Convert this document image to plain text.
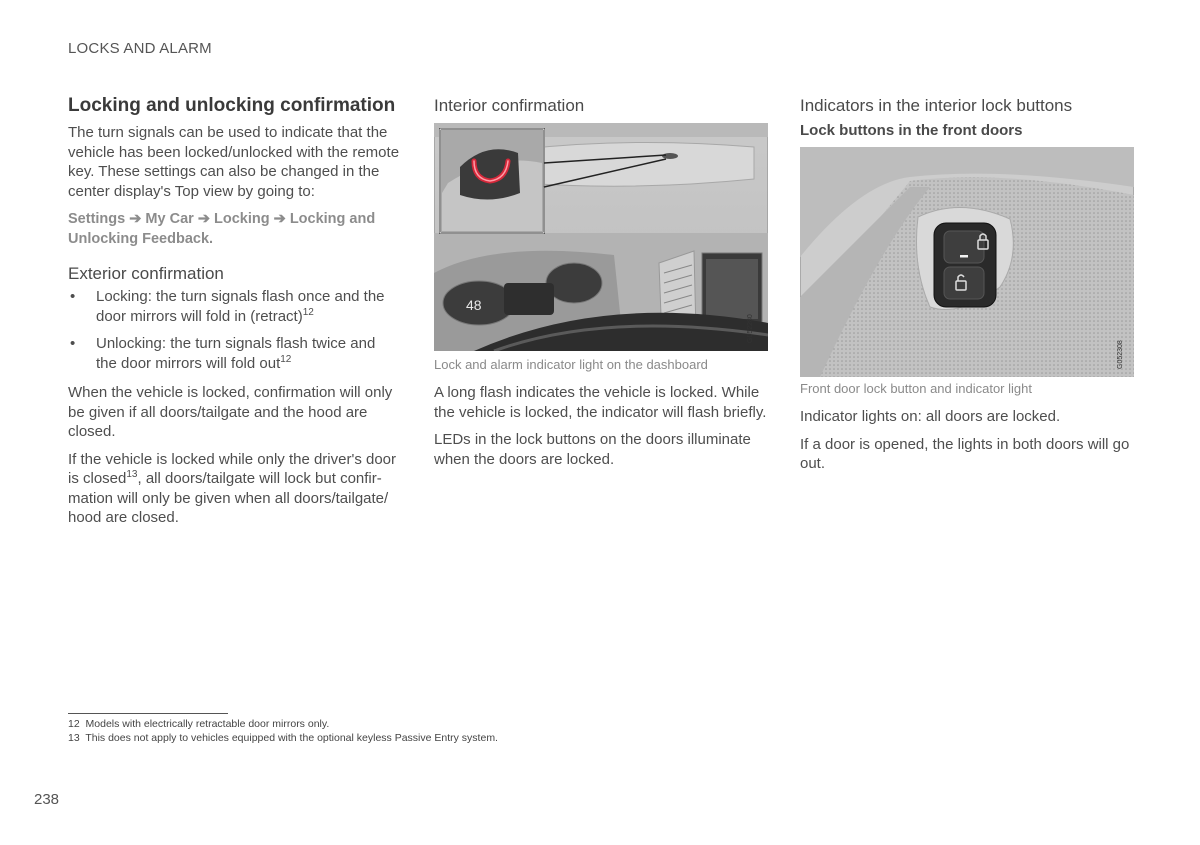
LOCKS AND ALARM
Locking and unlocking confirmation

The turn signals can be used to indicate that the vehicle has been locked/unlocked with the remote key. These settings can also be changed in the center display's Top view by going to:

Settings ➔ My Car ➔ Locking ➔ Locking and Unlocking Feedback.
Exterior confirmation
• Locking: the turn signals flash once and the door mirrors will fold in (retract)$^{12}$
• Unlocking: the turn signals flash twice and the door mirrors will fold out$^{12}$

When the vehicle is locked, confirmation will only be given if all doors/tailgate and the hood are closed.

If the vehicle is locked while only the driver's door is closed$^{13}$, all doors/tailgate will lock but confirmation will only be given when all doors/tailgate/ hood are closed.

Interior confirmation
48
G052280
Lock and alarm indicator light on the dashboard

A long flash indicates the vehicle is locked. While the vehicle is locked, the indicator will flash briefly.

LEDs in the lock buttons on the doors illuminate when the doors are locked.

Indicators in the interior lock buttons
Lock buttons in the front doors
G052308
Front door lock button and indicator light

Indicator lights on: all doors are locked.

If a door is opened, the lights in both doors will go out.

12 Models with electrically retractable door mirrors only.
13 This does not apply to vehicles equipped with the optional keyless Passive Entry system.
238
